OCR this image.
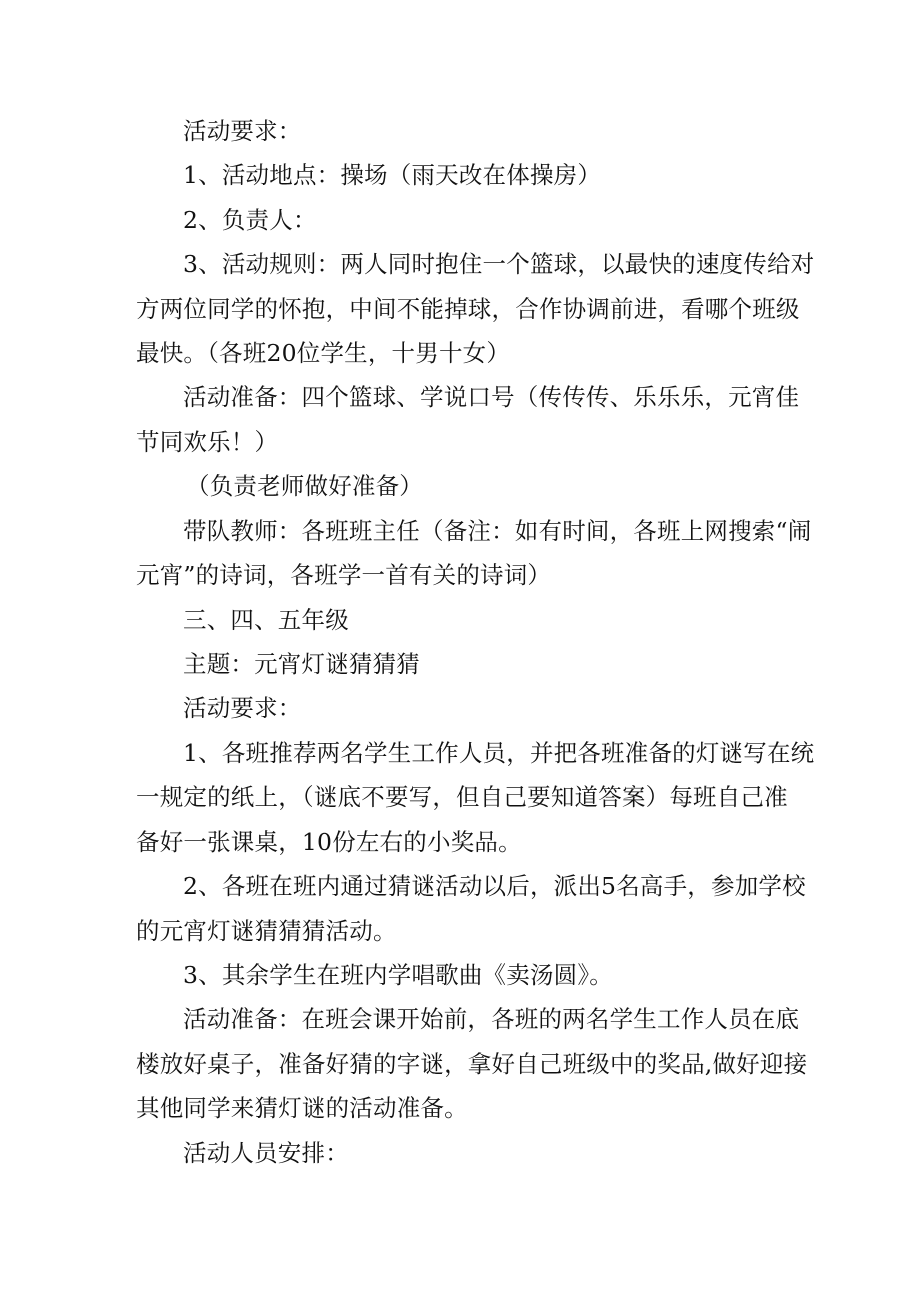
活动要求：
1、活动地点：操场（雨天改在体操房）
2、负责人：
3、活动规则：两人同时抱住一个篮球，以最快的速度传给对
方两位同学的怀抱，中间不能掉球，合作协调前进，看哪个班级
最快。（各班20位学生，十男十女）
活动准备：四个篮球、学说口号（传传传、乐乐乐，元宵佳
节同欢乐！）
（负责老师做好准备）
带队教师：各班班主任（备注：如有时间，各班上网搜索“闹
元宵”的诗词，各班学一首有关的诗词）
三、四、五年级
主题：元宵灯谜猜猜猜
活动要求：
1、各班推荐两名学生工作人员，并把各班准备的灯谜写在统
一规定的纸上，（谜底不要写，但自己要知道答案）每班自己准
备好一张课桌，10份左右的小奖品。
2、各班在班内通过猜谜活动以后，派出5名高手，参加学校
的元宵灯谜猜猜猜活动。
3、其余学生在班内学唱歌曲《卖汤圆》。
活动准备：在班会课开始前，各班的两名学生工作人员在底
楼放好桌子，准备好猜的字谜，拿好自己班级中的奖品,做好迎接
其他同学来猜灯谜的活动准备。
活动人员安排：
